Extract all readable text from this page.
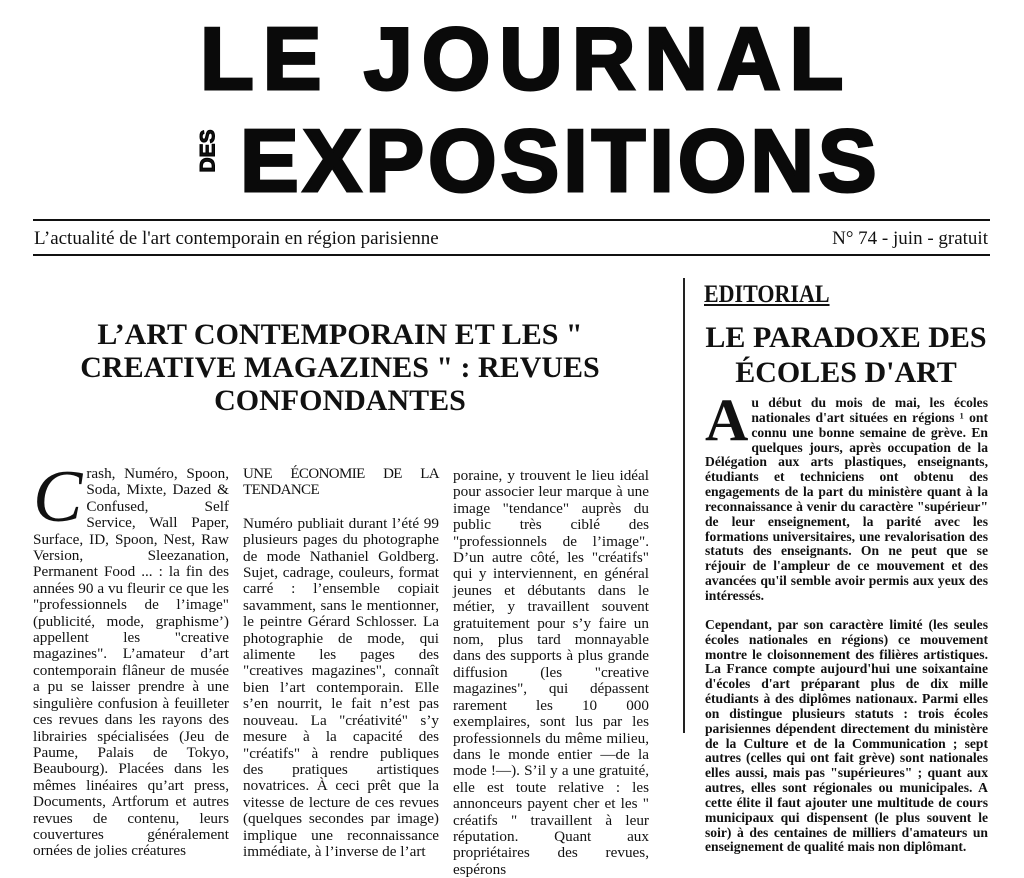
LE JOURNAL
DES EXPOSITIONS
L’actualité de l'art contemporain en région parisienne	N° 74 - juin - gratuit
L’ART CONTEMPORAIN ET LES " CREATIVE MAGAZINES " : REVUES CONFONDANTES

Crash, Numéro, Spoon, Soda, Mixte, Dazed & Confused, Self Service, Wall Paper, Surface, ID, Spoon, Nest, Raw Version, Sleezanation, Permanent Food ... : la fin des années 90 a vu fleurir ce que les "professionnels de l’image" (publicité, mode, graphisme’) appellent les "creative magazines". L’amateur d’art contemporain flâneur de musée a pu se laisser prendre à une singulière confusion à feuilleter ces revues dans les rayons des librairies spécialisées (Jeu de Paume, Palais de Tokyo, Beaubourg). Placées dans les mêmes linéaires qu’art press, Documents, Artforum et autres revues de contenu, leurs couvertures généralement ornées de jolies créatures

UNE ÉCONOMIE DE LA TENDANCE

Numéro publiait durant l’été 99 plusieurs pages du photographe de mode Nathaniel Goldberg. Sujet, cadrage, couleurs, format carré : l’ensemble copiait savamment, sans le mentionner, le peintre Gérard Schlosser. La photographie de mode, qui alimente les pages des "creatives magazines", connaît bien l’art contemporain. Elle s’en nourrit, le fait n’est pas nouveau. La "créativité" s’y mesure à la capacité des "créatifs" à rendre publiques des pratiques artistiques novatrices. À ceci prêt que la vitesse de lecture de ces revues (quelques secondes par image) implique une reconnaissance immédiate, à l’inverse de l’art

poraine, y trouvent le lieu idéal pour associer leur marque à une image "tendance" auprès du public très ciblé des "professionnels de l’image". D’un autre côté, les "créatifs" qui y interviennent, en général jeunes et débutants dans le métier, y travaillent souvent gratuitement pour s’y faire un nom, plus tard monnayable dans des supports à plus grande diffusion (les "creative magazines", qui dépassent rarement les 10 000 exemplaires, sont lus par les professionnels du même milieu, dans le monde entier —de la mode !—). S’il y a une gratuité, elle est toute relative : les annonceurs payent cher et les " créatifs " travaillent à leur réputation. Quant aux propriétaires des revues, espérons

EDITORIAL
LE PARADOXE DES ÉCOLES D'ART

Au début du mois de mai, les écoles nationales d'art situées en régions ¹ ont connu une bonne semaine de grève. En quelques jours, après occupation de la Délégation aux arts plastiques, enseignants, étudiants et techniciens ont obtenu des engagements de la part du ministère quant à la reconnaissance à venir du caractère "supérieur" de leur enseignement, la parité avec les formations universitaires, une revalorisation des statuts des enseignants. On ne peut que se réjouir de l'ampleur de ce mouvement et des avancées qu'il semble avoir permis aux yeux des intéressés.

Cependant, par son caractère limité (les seules écoles nationales en régions) ce mouvement montre le cloisonnement des filières artistiques. La France compte aujourd'hui une soixantaine d'écoles d'art préparant plus de dix mille étudiants à des diplômes nationaux. Parmi elles on distingue plusieurs statuts : trois écoles parisiennes dépendent directement du ministère de la Culture et de la Communication ; sept autres (celles qui ont fait grève) sont nationales elles aussi, mais pas "supérieures" ; quant aux autres, elles sont régionales ou municipales. A cette élite il faut ajouter une multitude de cours municipaux qui dispensent (le plus souvent le soir) à des centaines de milliers d'amateurs un enseignement de qualité mais non diplômant.
